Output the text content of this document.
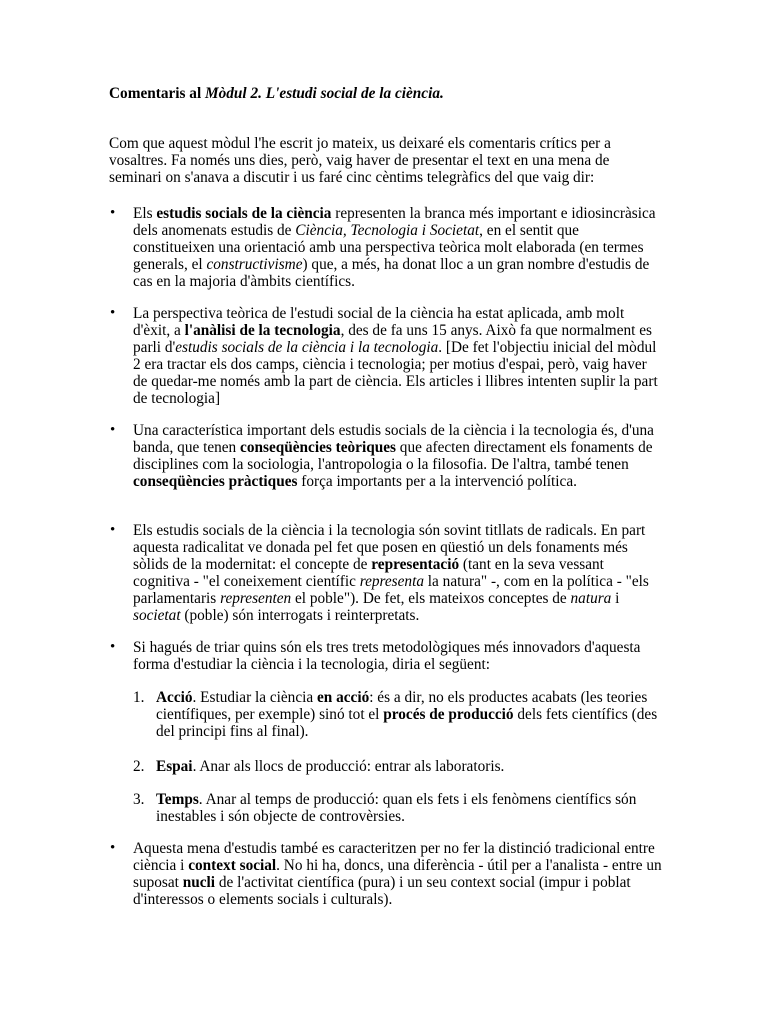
Comentaris al Mòdul 2. L'estudi social de la ciència.

Com que aquest mòdul l'he escrit jo mateix, us deixaré els comentaris crítics per a vosaltres. Fa només uns dies, però, vaig haver de presentar el text en una mena de seminari on s'anava a discutir i us faré cinc cèntims telegràfics del que vaig dir:

• Els estudis socials de la ciència representen la branca més important e idiosincràsica dels anomenats estudis de Ciència, Tecnologia i Societat, en el sentit que constitueixen una orientació amb una perspectiva teòrica molt elaborada (en termes generals, el constructivisme) que, a més, ha donat lloc a un gran nombre d'estudis de cas en la majoria d'àmbits científics.

• La perspectiva teòrica de l'estudi social de la ciència ha estat aplicada, amb molt d'èxit, a l'anàlisi de la tecnologia, des de fa uns 15 anys. Això fa que normalment es parli d'estudis socials de la ciència i la tecnologia. [De fet l'objectiu inicial del mòdul 2 era tractar els dos camps, ciència i tecnologia; per motius d'espai, però, vaig haver de quedar-me només amb la part de ciència. Els articles i llibres intenten suplir la part de tecnologia]

• Una característica important dels estudis socials de la ciència i la tecnologia és, d'una banda, que tenen conseqüències teòriques que afecten directament els fonaments de disciplines com la sociologia, l'antropologia o la filosofia. De l'altra, també tenen conseqüències pràctiques força importants per a la intervenció política.

• Els estudis socials de la ciència i la tecnologia són sovint titllats de radicals. En part aquesta radicalitat ve donada pel fet que posen en qüestió un dels fonaments més sòlids de la modernitat: el concepte de representació (tant en la seva vessant cognitiva - "el coneixement científic representa la natura" -, com en la política - "els parlamentaris representen el poble"). De fet, els mateixos conceptes de natura i societat (poble) són interrogats i reinterpretats.

• Si hagués de triar quins són els tres trets metodològiques més innovadors d'aquesta forma d'estudiar la ciència i la tecnologia, diria el següent:

1. Acció. Estudiar la ciència en acció: és a dir, no els productes acabats (les teories científiques, per exemple) sinó tot el procés de producció dels fets científics (des del principi fins al final).

2. Espai. Anar als llocs de producció: entrar als laboratoris.

3. Temps. Anar al temps de producció: quan els fets i els fenòmens científics són inestables i són objecte de controvèrsies.

• Aquesta mena d'estudis també es caracteritzen per no fer la distinció tradicional entre ciència i context social. No hi ha, doncs, una diferència - útil per a l'analista - entre un suposat nucli de l'activitat científica (pura) i un seu context social (impur i poblat d'interessos o elements socials i culturals).
